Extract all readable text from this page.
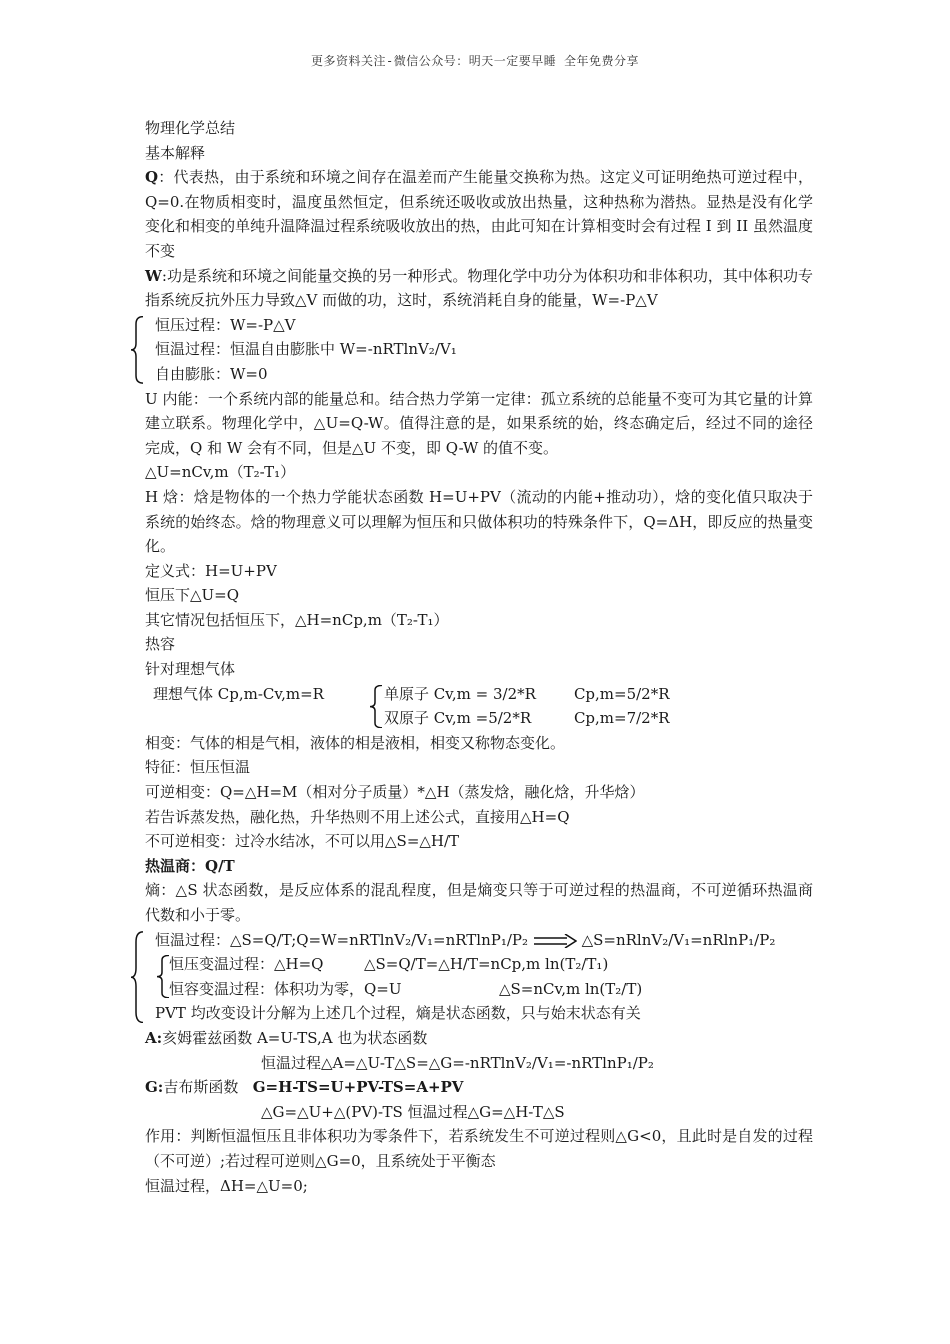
更多资料关注-微信公众号：明天一定要早睡 全年免费分享

物理化学总结

基本解释

Q：代表热，由于系统和环境之间存在温差而产生能量交换称为热。这定义可证明绝热可逆过程中，Q=0.在物质相变时，温度虽然恒定，但系统还吸收或放出热量，这种热称为潜热。显热是没有化学变化和相变的单纯升温降温过程系统吸收放出的热，由此可知在计算相变时会有过程 I 到 II 虽然温度不变

W:功是系统和环境之间能量交换的另一种形式。物理化学中功分为体积功和非体积功，其中体积功专指系统反抗外压力导致△V 而做的功，这时，系统消耗自身的能量，W=-P△V

恒压过程：W=-P△V

恒温过程：恒温自由膨胀中 W=-nRTlnV₂/V₁

自由膨胀：W=0

U 内能：一个系统内部的能量总和。结合热力学第一定律：孤立系统的总能量不变可为其它量的计算建立联系。物理化学中，△U=Q-W。值得注意的是，如果系统的始，终态确定后，经过不同的途径完成，Q 和 W 会有不同，但是△U 不变，即 Q-W 的值不变。

△U=nCv,m（T₂-T₁）

H 焓：焓是物体的一个热力学能状态函数 H=U+PV（流动的内能+推动功），焓的变化值只取决于系统的始终态。焓的物理意义可以理解为恒压和只做体积功的特殊条件下，Q=ΔH，即反应的热量变化。

定义式：H=U+PV

恒压下△U=Q

其它情况包括恒压下，△H=nCp,m（T₂-T₁）

热容

针对理想气体

理想气体 Cp,m-Cv,m=R	单原子 Cv,m = 3/2*R	Cp,m=5/2*R
双原子 Cv,m =5/2*R	Cp,m=7/2*R

相变：气体的相是气相，液体的相是液相，相变又称物态变化。

特征：恒压恒温

可逆相变：Q=△H=M（相对分子质量）*△H（蒸发焓，融化焓，升华焓）

若告诉蒸发热，融化热，升华热则不用上述公式，直接用△H=Q

不可逆相变：过冷水结冰，不可以用△S=△H/T

热温商：Q/T

熵：△S 状态函数，是反应体系的混乱程度，但是熵变只等于可逆过程的热温商，不可逆循环热温商代数和小于零。

恒温过程：△S=Q/T;Q=W=nRTlnV₂/V₁=nRTlnP₁/P₂	△S=nRlnV₂/V₁=nRlnP₁/P₂

恒压变温过程：△H=Q	△S=Q/T=△H/T=nCp,m ln(T₂/T₁)
恒容变温过程：体积功为零，Q=U	△S=nCv,m ln(T₂/T)

PVT 均改变设计分解为上述几个过程，熵是状态函数，只与始末状态有关

A:亥姆霍兹函数 A=U-TS,A 也为状态函数

恒温过程△A=△U-T△S=△G=-nRTlnV₂/V₁=-nRTlnP₁/P₂

G:吉布斯函数 G=H-TS=U+PV-TS=A+PV

△G=△U+△(PV)-TS 恒温过程△G=△H-T△S

作用：判断恒温恒压且非体积功为零条件下，若系统发生不可逆过程则△G<0，且此时是自发的过程（不可逆）;若过程可逆则△G=0，且系统处于平衡态

恒温过程，ΔH=△U=0;
